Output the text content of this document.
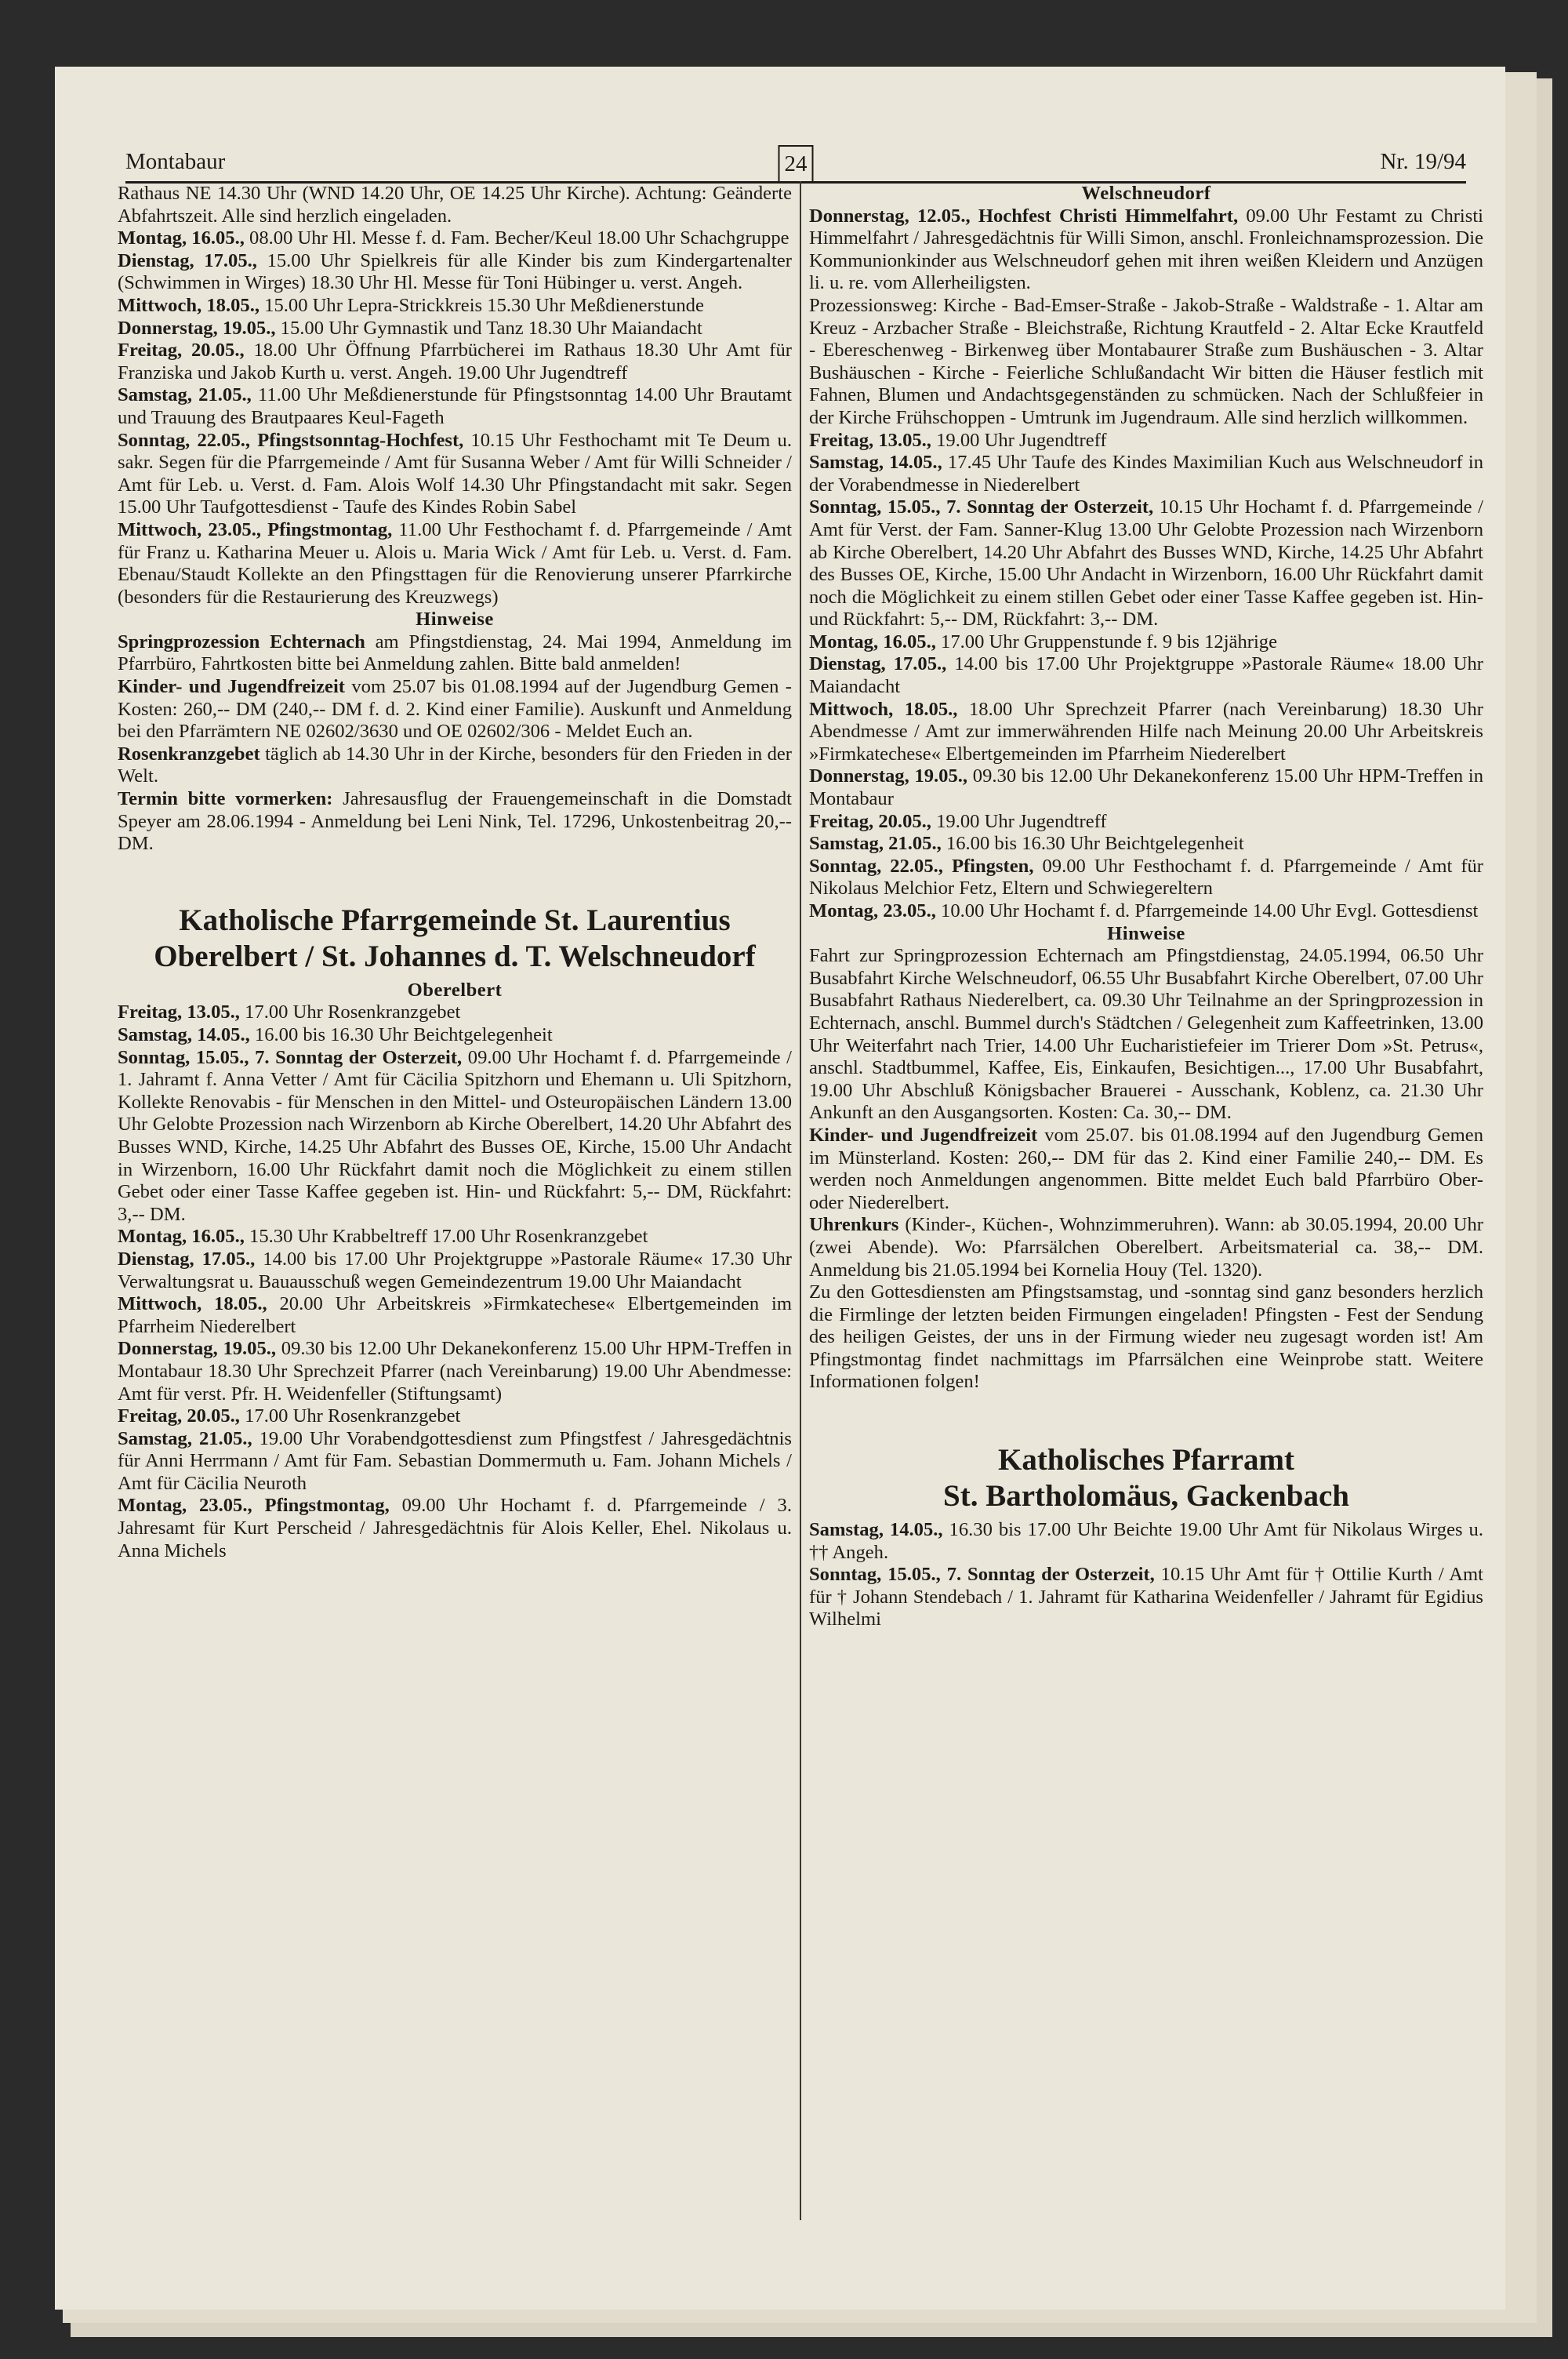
Montabaur	24	Nr. 19/94

Rathaus NE 14.30 Uhr (WND 14.20 Uhr, OE 14.25 Uhr Kirche). Achtung: Geänderte Abfahrtszeit. Alle sind herzlich eingeladen.

Montag, 16.05., 08.00 Uhr Hl. Messe f. d. Fam. Becher/Keul 18.00 Uhr Schachgruppe

Dienstag, 17.05., 15.00 Uhr Spielkreis für alle Kinder bis zum Kindergartenalter (Schwimmen in Wirges) 18.30 Uhr Hl. Messe für Toni Hübinger u. verst. Angeh.

Mittwoch, 18.05., 15.00 Uhr Lepra-Strickkreis 15.30 Uhr Meßdienerstunde

Donnerstag, 19.05., 15.00 Uhr Gymnastik und Tanz 18.30 Uhr Maiandacht

Freitag, 20.05., 18.00 Uhr Öffnung Pfarrbücherei im Rathaus 18.30 Uhr Amt für Franziska und Jakob Kurth u. verst. Angeh. 19.00 Uhr Jugendtreff

Samstag, 21.05., 11.00 Uhr Meßdienerstunde für Pfingstsonntag 14.00 Uhr Brautamt und Trauung des Brautpaares Keul-Fageth

Sonntag, 22.05., Pfingstsonntag-Hochfest, 10.15 Uhr Festhochamt mit Te Deum u. sakr. Segen für die Pfarrgemeinde / Amt für Susanna Weber / Amt für Willi Schneider / Amt für Leb. u. Verst. d. Fam. Alois Wolf 14.30 Uhr Pfingstandacht mit sakr. Segen 15.00 Uhr Taufgottesdienst - Taufe des Kindes Robin Sabel

Mittwoch, 23.05., Pfingstmontag, 11.00 Uhr Festhochamt f. d. Pfarrgemeinde / Amt für Franz u. Katharina Meuer u. Alois u. Maria Wick / Amt für Leb. u. Verst. d. Fam. Ebenau/Staudt Kollekte an den Pfingsttagen für die Renovierung unserer Pfarrkirche (besonders für die Restaurierung des Kreuzwegs)

Hinweise

Springprozession Echternach am Pfingstdienstag, 24. Mai 1994, Anmeldung im Pfarrbüro, Fahrtkosten bitte bei Anmeldung zahlen. Bitte bald anmelden!

Kinder- und Jugendfreizeit vom 25.07 bis 01.08.1994 auf der Jugendburg Gemen - Kosten: 260,-- DM (240,-- DM f. d. 2. Kind einer Familie). Auskunft und Anmeldung bei den Pfarrämtern NE 02602/3630 und OE 02602/306 - Meldet Euch an.

Rosenkranzgebet täglich ab 14.30 Uhr in der Kirche, besonders für den Frieden in der Welt.

Termin bitte vormerken: Jahresausflug der Frauengemeinschaft in die Domstadt Speyer am 28.06.1994 - Anmeldung bei Leni Nink, Tel. 17296, Unkostenbeitrag 20,-- DM.

Katholische Pfarrgemeinde St. Laurentius

Oberelbert / St. Johannes d. T. Welschneudorf

Oberelbert

Freitag, 13.05., 17.00 Uhr Rosenkranzgebet

Samstag, 14.05., 16.00 bis 16.30 Uhr Beichtgelegenheit

Sonntag, 15.05., 7. Sonntag der Osterzeit, 09.00 Uhr Hochamt f. d. Pfarrgemeinde / 1. Jahramt f. Anna Vetter / Amt für Cäcilia Spitzhorn und Ehemann u. Uli Spitzhorn, Kollekte Renovabis - für Menschen in den Mittel- und Osteuropäischen Ländern 13.00 Uhr Gelobte Prozession nach Wirzenborn ab Kirche Oberelbert, 14.20 Uhr Abfahrt des Busses WND, Kirche, 14.25 Uhr Abfahrt des Busses OE, Kirche, 15.00 Uhr Andacht in Wirzenborn, 16.00 Uhr Rückfahrt damit noch die Möglichkeit zu einem stillen Gebet oder einer Tasse Kaffee gegeben ist. Hin- und Rückfahrt: 5,-- DM, Rückfahrt: 3,-- DM.

Montag, 16.05., 15.30 Uhr Krabbeltreff 17.00 Uhr Rosenkranzgebet

Dienstag, 17.05., 14.00 bis 17.00 Uhr Projektgruppe »Pastorale Räume« 17.30 Uhr Verwaltungsrat u. Bauausschuß wegen Gemeindezentrum 19.00 Uhr Maiandacht

Mittwoch, 18.05., 20.00 Uhr Arbeitskreis »Firmkatechese« Elbertgemeinden im Pfarrheim Niederelbert

Donnerstag, 19.05., 09.30 bis 12.00 Uhr Dekanekonferenz 15.00 Uhr HPM-Treffen in Montabaur 18.30 Uhr Sprechzeit Pfarrer (nach Vereinbarung) 19.00 Uhr Abendmesse: Amt für verst. Pfr. H. Weidenfeller (Stiftungsamt)

Freitag, 20.05., 17.00 Uhr Rosenkranzgebet

Samstag, 21.05., 19.00 Uhr Vorabendgottesdienst zum Pfingstfest / Jahresgedächtnis für Anni Herrmann / Amt für Fam. Sebastian Dommermuth u. Fam. Johann Michels / Amt für Cäcilia Neuroth

Montag, 23.05., Pfingstmontag, 09.00 Uhr Hochamt f. d. Pfarrgemeinde / 3. Jahresamt für Kurt Perscheid / Jahresgedächtnis für Alois Keller, Ehel. Nikolaus u. Anna Michels

Welschneudorf

Donnerstag, 12.05., Hochfest Christi Himmelfahrt, 09.00 Uhr Festamt zu Christi Himmelfahrt / Jahresgedächtnis für Willi Simon, anschl. Fronleichnamsprozession. Die Kommunionkinder aus Welschneudorf gehen mit ihren weißen Kleidern und Anzügen li. u. re. vom Allerheiligsten.

Prozessionsweg: Kirche - Bad-Emser-Straße - Jakob-Straße - Waldstraße - 1. Altar am Kreuz - Arzbacher Straße - Bleichstraße, Richtung Krautfeld - 2. Altar Ecke Krautfeld - Ebereschenweg - Birkenweg über Montabaurer Straße zum Bushäuschen - 3. Altar Bushäuschen - Kirche - Feierliche Schlußandacht Wir bitten die Häuser festlich mit Fahnen, Blumen und Andachtsgegenständen zu schmücken. Nach der Schlußfeier in der Kirche Frühschoppen - Umtrunk im Jugendraum. Alle sind herzlich willkommen.

Freitag, 13.05., 19.00 Uhr Jugendtreff

Samstag, 14.05., 17.45 Uhr Taufe des Kindes Maximilian Kuch aus Welschneudorf in der Vorabendmesse in Niederelbert

Sonntag, 15.05., 7. Sonntag der Osterzeit, 10.15 Uhr Hochamt f. d. Pfarrgemeinde / Amt für Verst. der Fam. Sanner-Klug 13.00 Uhr Gelobte Prozession nach Wirzenborn ab Kirche Oberelbert, 14.20 Uhr Abfahrt des Busses WND, Kirche, 14.25 Uhr Abfahrt des Busses OE, Kirche, 15.00 Uhr Andacht in Wirzenborn, 16.00 Uhr Rückfahrt damit noch die Möglichkeit zu einem stillen Gebet oder einer Tasse Kaffee gegeben ist. Hin- und Rückfahrt: 5,-- DM, Rückfahrt: 3,-- DM.

Montag, 16.05., 17.00 Uhr Gruppenstunde f. 9 bis 12jährige

Dienstag, 17.05., 14.00 bis 17.00 Uhr Projektgruppe »Pastorale Räume« 18.00 Uhr Maiandacht

Mittwoch, 18.05., 18.00 Uhr Sprechzeit Pfarrer (nach Vereinbarung) 18.30 Uhr Abendmesse / Amt zur immerwährenden Hilfe nach Meinung 20.00 Uhr Arbeitskreis »Firmkatechese« Elbertgemeinden im Pfarrheim Niederelbert

Donnerstag, 19.05., 09.30 bis 12.00 Uhr Dekanekonferenz 15.00 Uhr HPM-Treffen in Montabaur

Freitag, 20.05., 19.00 Uhr Jugendtreff

Samstag, 21.05., 16.00 bis 16.30 Uhr Beichtgelegenheit

Sonntag, 22.05., Pfingsten, 09.00 Uhr Festhochamt f. d. Pfarrgemeinde / Amt für Nikolaus Melchior Fetz, Eltern und Schwiegereltern

Montag, 23.05., 10.00 Uhr Hochamt f. d. Pfarrgemeinde 14.00 Uhr Evgl. Gottesdienst

Hinweise

Fahrt zur Springprozession Echternach am Pfingstdienstag, 24.05.1994, 06.50 Uhr Busabfahrt Kirche Welschneudorf, 06.55 Uhr Busabfahrt Kirche Oberelbert, 07.00 Uhr Busabfahrt Rathaus Niederelbert, ca. 09.30 Uhr Teilnahme an der Springprozession in Echternach, anschl. Bummel durch's Städtchen / Gelegenheit zum Kaffeetrinken, 13.00 Uhr Weiterfahrt nach Trier, 14.00 Uhr Eucharistiefeier im Trierer Dom »St. Petrus«, anschl. Stadtbummel, Kaffee, Eis, Einkaufen, Besichtigen..., 17.00 Uhr Busabfahrt, 19.00 Uhr Abschluß Königsbacher Brauerei - Ausschank, Koblenz, ca. 21.30 Uhr Ankunft an den Ausgangsorten. Kosten: Ca. 30,-- DM.

Kinder- und Jugendfreizeit vom 25.07. bis 01.08.1994 auf den Jugendburg Gemen im Münsterland. Kosten: 260,-- DM für das 2. Kind einer Familie 240,-- DM. Es werden noch Anmeldungen angenommen. Bitte meldet Euch bald Pfarrbüro Ober- oder Niederelbert.

Uhrenkurs (Kinder-, Küchen-, Wohnzimmeruhren). Wann: ab 30.05.1994, 20.00 Uhr (zwei Abende). Wo: Pfarrsälchen Oberelbert. Arbeitsmaterial ca. 38,-- DM. Anmeldung bis 21.05.1994 bei Kornelia Houy (Tel. 1320).

Zu den Gottesdiensten am Pfingstsamstag, und -sonntag sind ganz besonders herzlich die Firmlinge der letzten beiden Firmungen eingeladen! Pfingsten - Fest der Sendung des heiligen Geistes, der uns in der Firmung wieder neu zugesagt worden ist! Am Pfingstmontag findet nachmittags im Pfarrsälchen eine Weinprobe statt. Weitere Informationen folgen!

Katholisches Pfarramt

St. Bartholomäus, Gackenbach

Samstag, 14.05., 16.30 bis 17.00 Uhr Beichte 19.00 Uhr Amt für Nikolaus Wirges u. †† Angeh.

Sonntag, 15.05., 7. Sonntag der Osterzeit, 10.15 Uhr Amt für † Ottilie Kurth / Amt für † Johann Stendebach / 1. Jahramt für Katharina Weidenfeller / Jahramt für Egidius Wilhelmi
